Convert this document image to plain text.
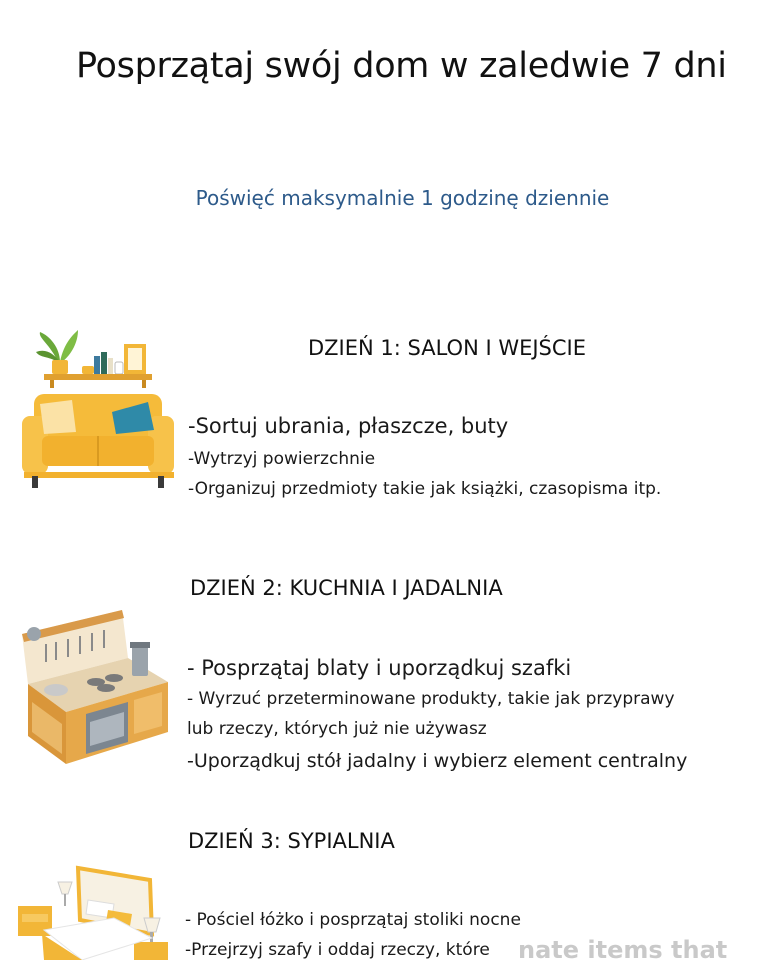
Posprzątaj swój dom w zaledwie 7 dni
Poświęć maksymalnie 1 godzinę dziennie
DZIEŃ 1: SALON I WEJŚCIE
-Sortuj ubrania, płaszcze, buty
-Wytrzyj powierzchnie
-Organizuj przedmioty takie jak książki, czasopisma itp.
DZIEŃ 2: KUCHNIA I JADALNIA
- Posprzątaj blaty i uporządkuj szafki
- Wyrzuć przeterminowane produkty, takie jak przyprawy
lub rzeczy, których już nie używasz
-Uporządkuj stół jadalny i wybierz element centralny
DZIEŃ 3: SYPIALNIA
- Pościel łóżko i posprzątaj stoliki nocne
-Przejrzyj szafy i oddaj rzeczy, które nate items that
